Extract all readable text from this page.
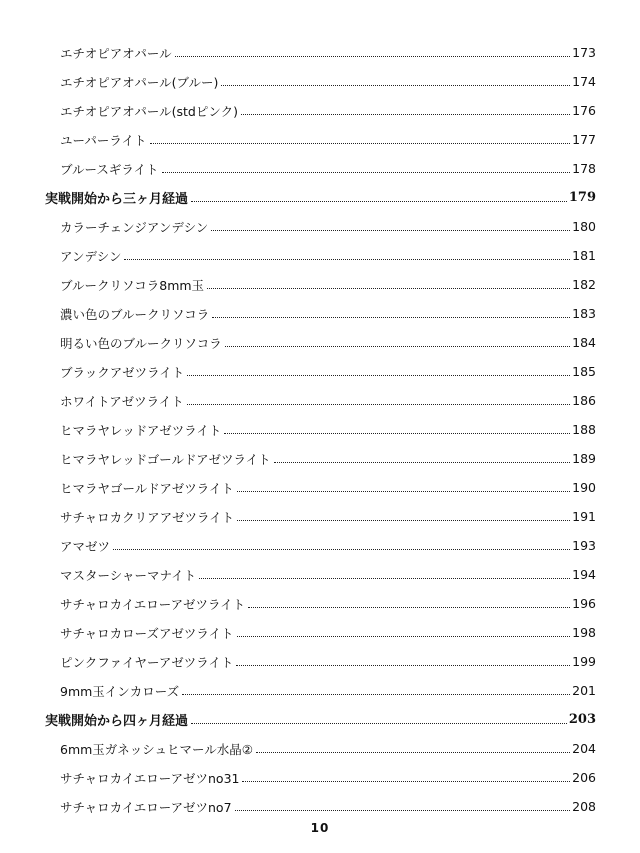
エチオピアオパール	173
エチオピアオパール(ブルー)	174
エチオピアオパール(stdピンク)	176
ユーパーライト	177
ブルースギライト	178
実戦開始から三ヶ月経過	179
カラーチェンジアンデシン	180
アンデシン	181
ブルークリソコラ8mm玉	182
濃い色のブルークリソコラ	183
明るい色のブルークリソコラ	184
ブラックアゼツライト	185
ホワイトアゼツライト	186
ヒマラヤレッドアゼツライト	188
ヒマラヤレッドゴールドアゼツライト	189
ヒマラヤゴールドアゼツライト	190
サチャロカクリアアゼツライト	191
アマゼツ	193
マスターシャーマナイト	194
サチャロカイエローアゼツライト	196
サチャロカローズアゼツライト	198
ピンクファイヤーアゼツライト	199
9mm玉インカローズ	201
実戦開始から四ヶ月経過	203
6mm玉ガネッシュヒマール水晶②	204
サチャロカイエローアゼツno31	206
サチャロカイエローアゼツno7	208
10
